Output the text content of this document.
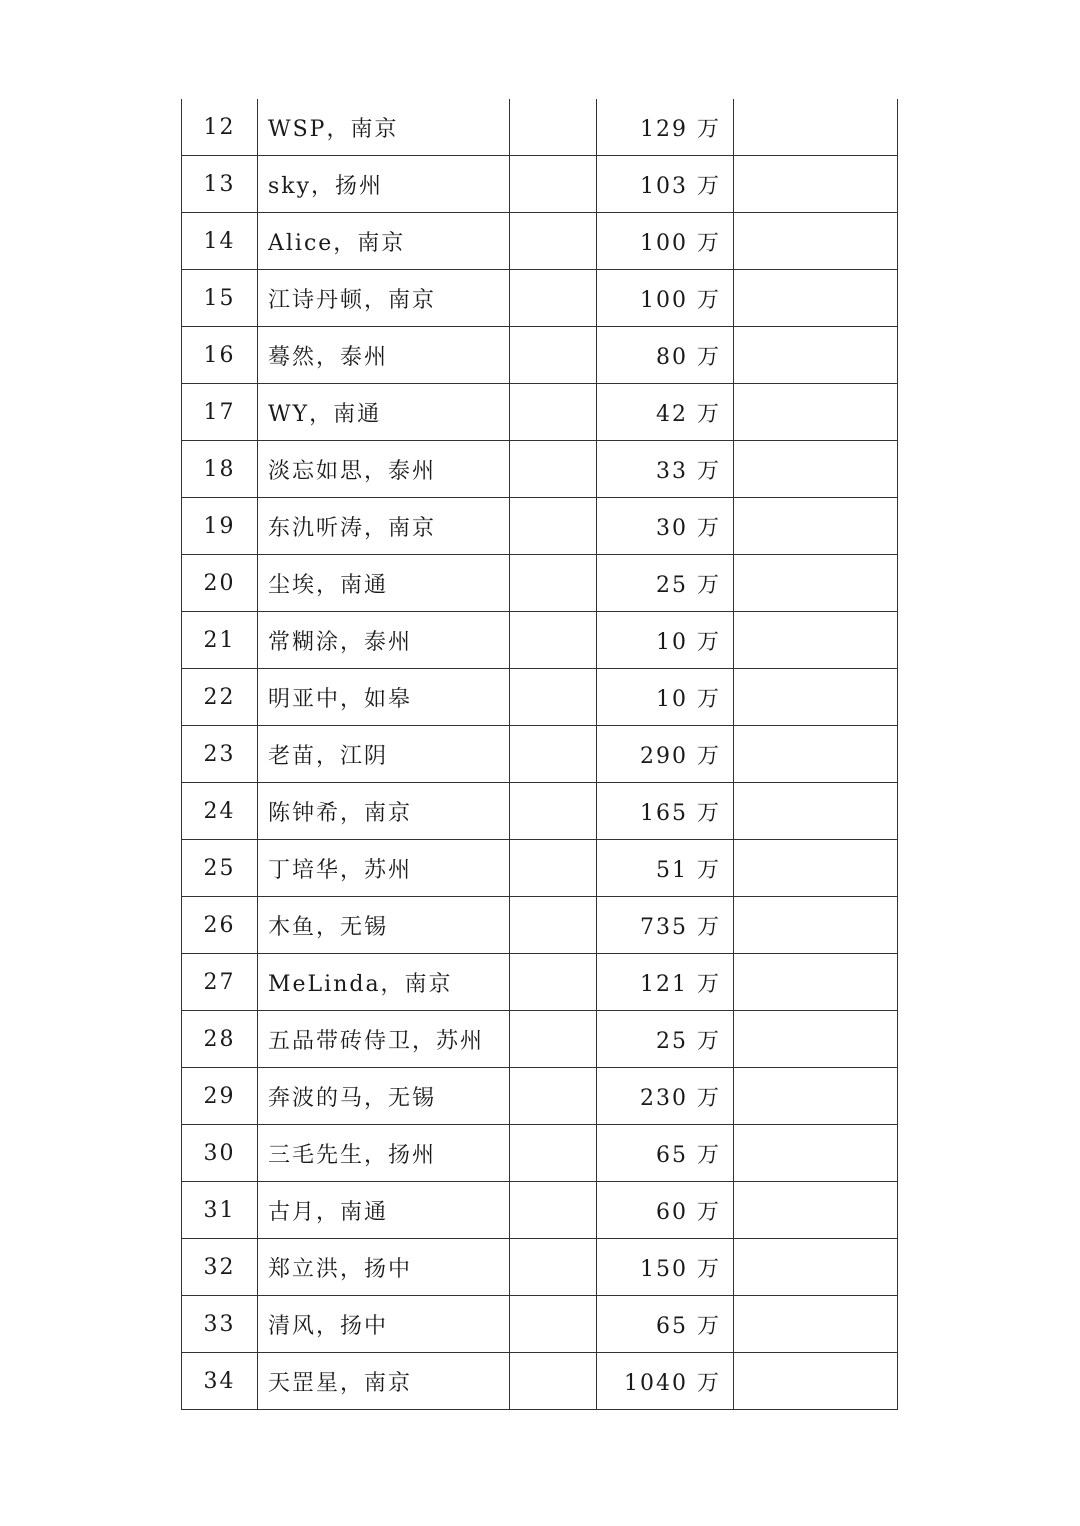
12	WSP，南京		129 万	
13	sky，扬州		103 万	
14	Alice，南京		100 万	
15	江诗丹顿，南京		100 万	
16	蓦然，泰州		80 万	
17	WY，南通		42 万	
18	淡忘如思，泰州		33 万	
19	东氿听涛，南京		30 万	
20	尘埃，南通		25 万	
21	常糊涂，泰州		10 万	
22	明亚中，如皋		10 万	
23	老苗，江阴		290 万	
24	陈钟希，南京		165 万	
25	丁培华，苏州		51 万	
26	木鱼，无锡		735 万	
27	MeLinda，南京		121 万	
28	五品带砖侍卫，苏州		25 万	
29	奔波的马，无锡		230 万	
30	三毛先生，扬州		65 万	
31	古月，南通		60 万	
32	郑立洪，扬中		150 万	
33	清风，扬中		65 万	
34	天罡星，南京		1040 万	
